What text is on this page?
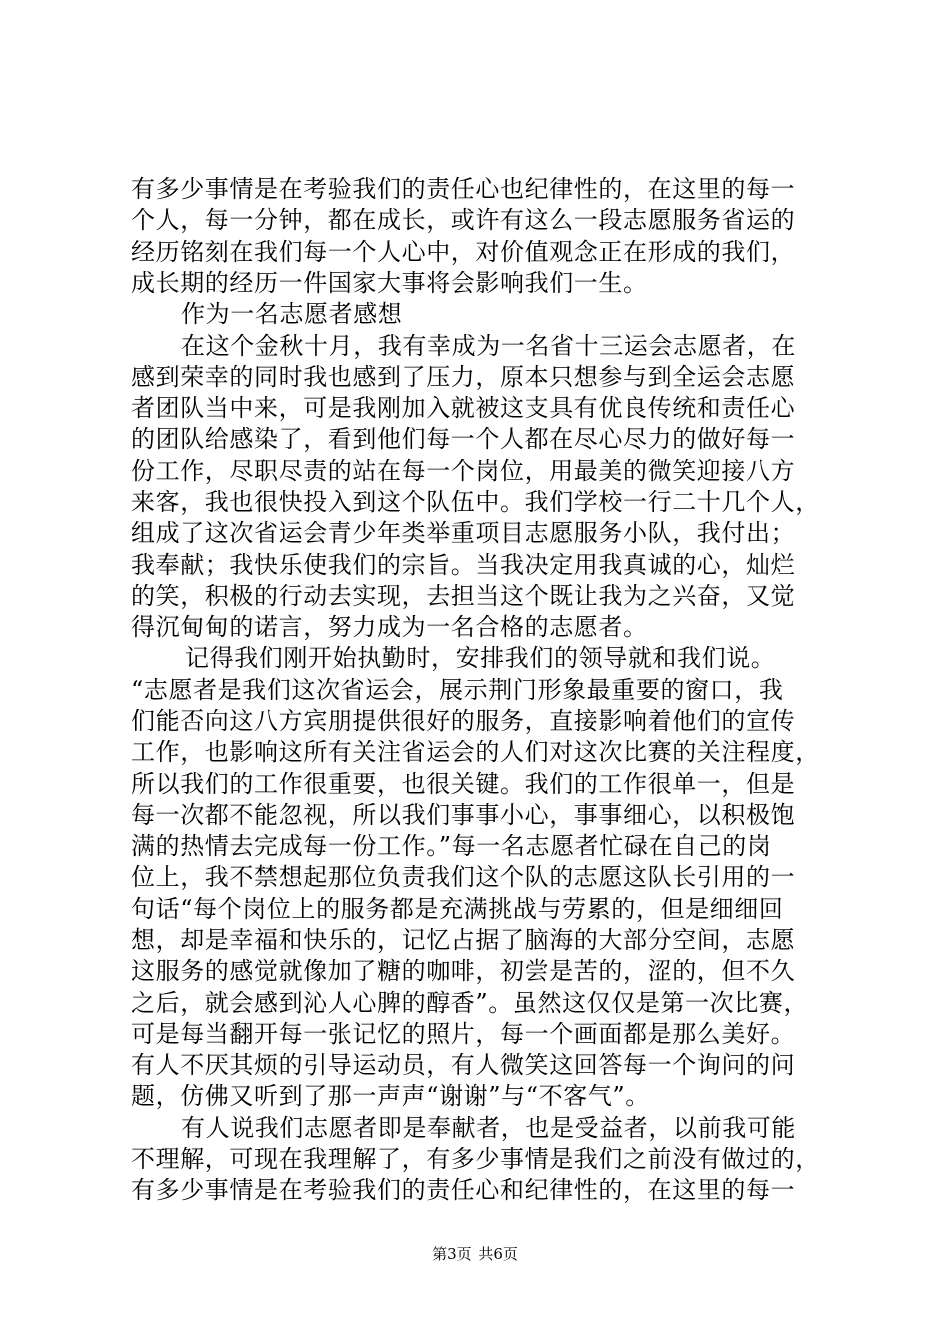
有多少事情是在考验我们的责任心也纪律性的，在这里的每一
个人，每一分钟，都在成长，或许有这么一段志愿服务省运的
经历铭刻在我们每一个人心中，对价值观念正在形成的我们，
成长期的经历一件国家大事将会影响我们一生。
作为一名志愿者感想
在这个金秋十月，我有幸成为一名省十三运会志愿者，在
感到荣幸的同时我也感到了压力，原本只想参与到全运会志愿
者团队当中来，可是我刚加入就被这支具有优良传统和责任心
的团队给感染了，看到他们每一个人都在尽心尽力的做好每一
份工作，尽职尽责的站在每一个岗位，用最美的微笑迎接八方
来客，我也很快投入到这个队伍中。我们学校一行二十几个人，
组成了这次省运会青少年类举重项目志愿服务小队，我付出；
我奉献；我快乐使我们的宗旨。当我决定用我真诚的心，灿烂
的笑，积极的行动去实现，去担当这个既让我为之兴奋，又觉
得沉甸甸的诺言，努力成为一名合格的志愿者。
记得我们刚开始执勤时，安排我们的领导就和我们说。
“志愿者是我们这次省运会，展示荆门形象最重要的窗口，我
们能否向这八方宾朋提供很好的服务，直接影响着他们的宣传
工作，也影响这所有关注省运会的人们对这次比赛的关注程度，
所以我们的工作很重要，也很关键。我们的工作很单一，但是
每一次都不能忽视，所以我们事事小心，事事细心，以积极饱
满的热情去完成每一份工作。”每一名志愿者忙碌在自己的岗
位上，我不禁想起那位负责我们这个队的志愿这队长引用的一
句话“每个岗位上的服务都是充满挑战与劳累的，但是细细回
想，却是幸福和快乐的，记忆占据了脑海的大部分空间，志愿
这服务的感觉就像加了糖的咖啡，初尝是苦的，涩的，但不久
之后，就会感到沁人心脾的醇香”。虽然这仅仅是第一次比赛，
可是每当翻开每一张记忆的照片，每一个画面都是那么美好。
有人不厌其烦的引导运动员，有人微笑这回答每一个询问的问
题，仿佛又听到了那一声声“谢谢”与“不客气”。
有人说我们志愿者即是奉献者，也是受益者，以前我可能
不理解，可现在我理解了，有多少事情是我们之前没有做过的，
有多少事情是在考验我们的责任心和纪律性的，在这里的每一
第3页 共6页
